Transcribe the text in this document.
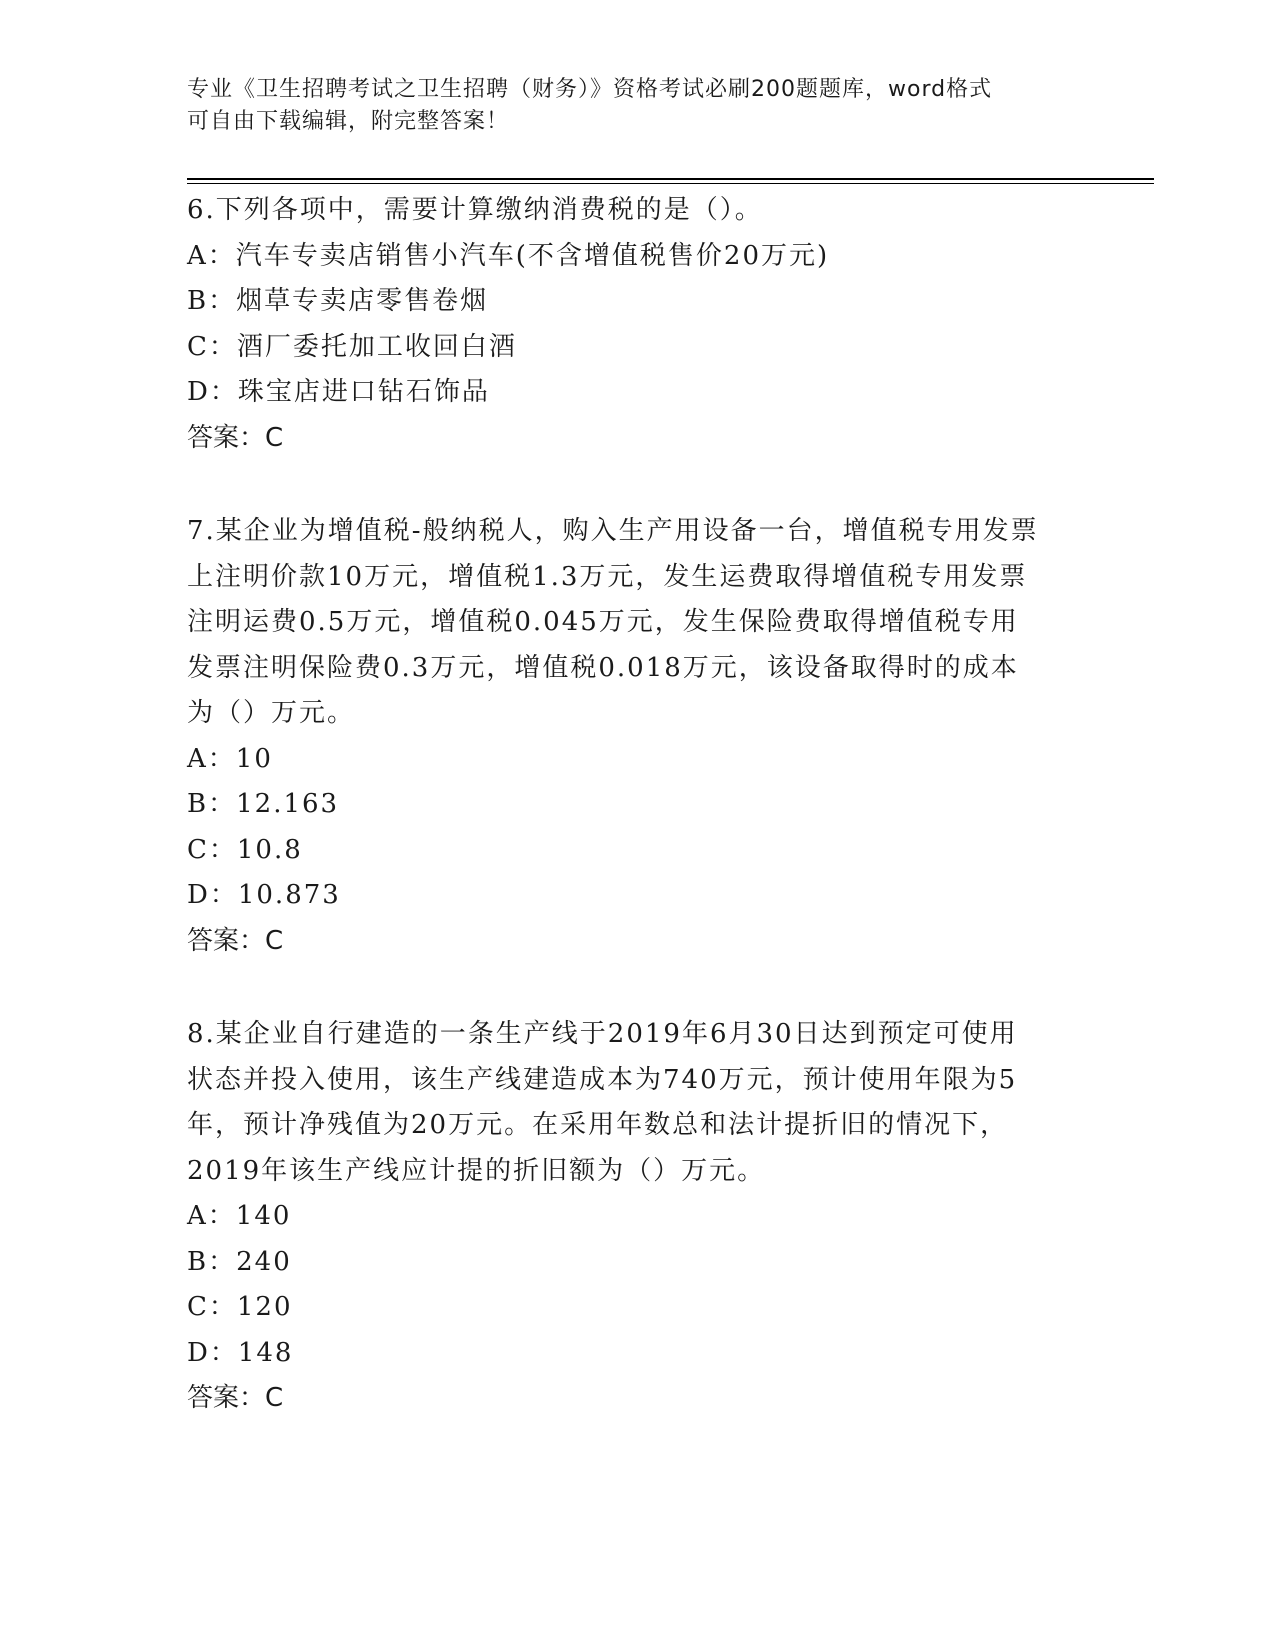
专业《卫生招聘考试之卫生招聘（财务）》资格考试必刷200题题库，word格式
可自由下载编辑，附完整答案！

6.下列各项中，需要计算缴纳消费税的是（）。

A：汽车专卖店销售小汽车(不含增值税售价20万元)

B：烟草专卖店零售卷烟

C：酒厂委托加工收回白酒

D：珠宝店进口钻石饰品

答案：C

7.某企业为增值税-般纳税人，购入生产用设备一台，增值税专用发票

上注明价款10万元，增值税1.3万元，发生运费取得增值税专用发票

注明运费0.5万元，增值税0.045万元，发生保险费取得增值税专用

发票注明保险费0.3万元，增值税0.018万元，该设备取得时的成本

为（）万元。

A：10

B：12.163

C：10.8

D：10.873

答案：C

8.某企业自行建造的一条生产线于2019年6月30日达到预定可使用

状态并投入使用，该生产线建造成本为740万元，预计使用年限为5

年，预计净残值为20万元。在采用年数总和法计提折旧的情况下，

2019年该生产线应计提的折旧额为（）万元。

A：140

B：240

C：120

D：148

答案：C
